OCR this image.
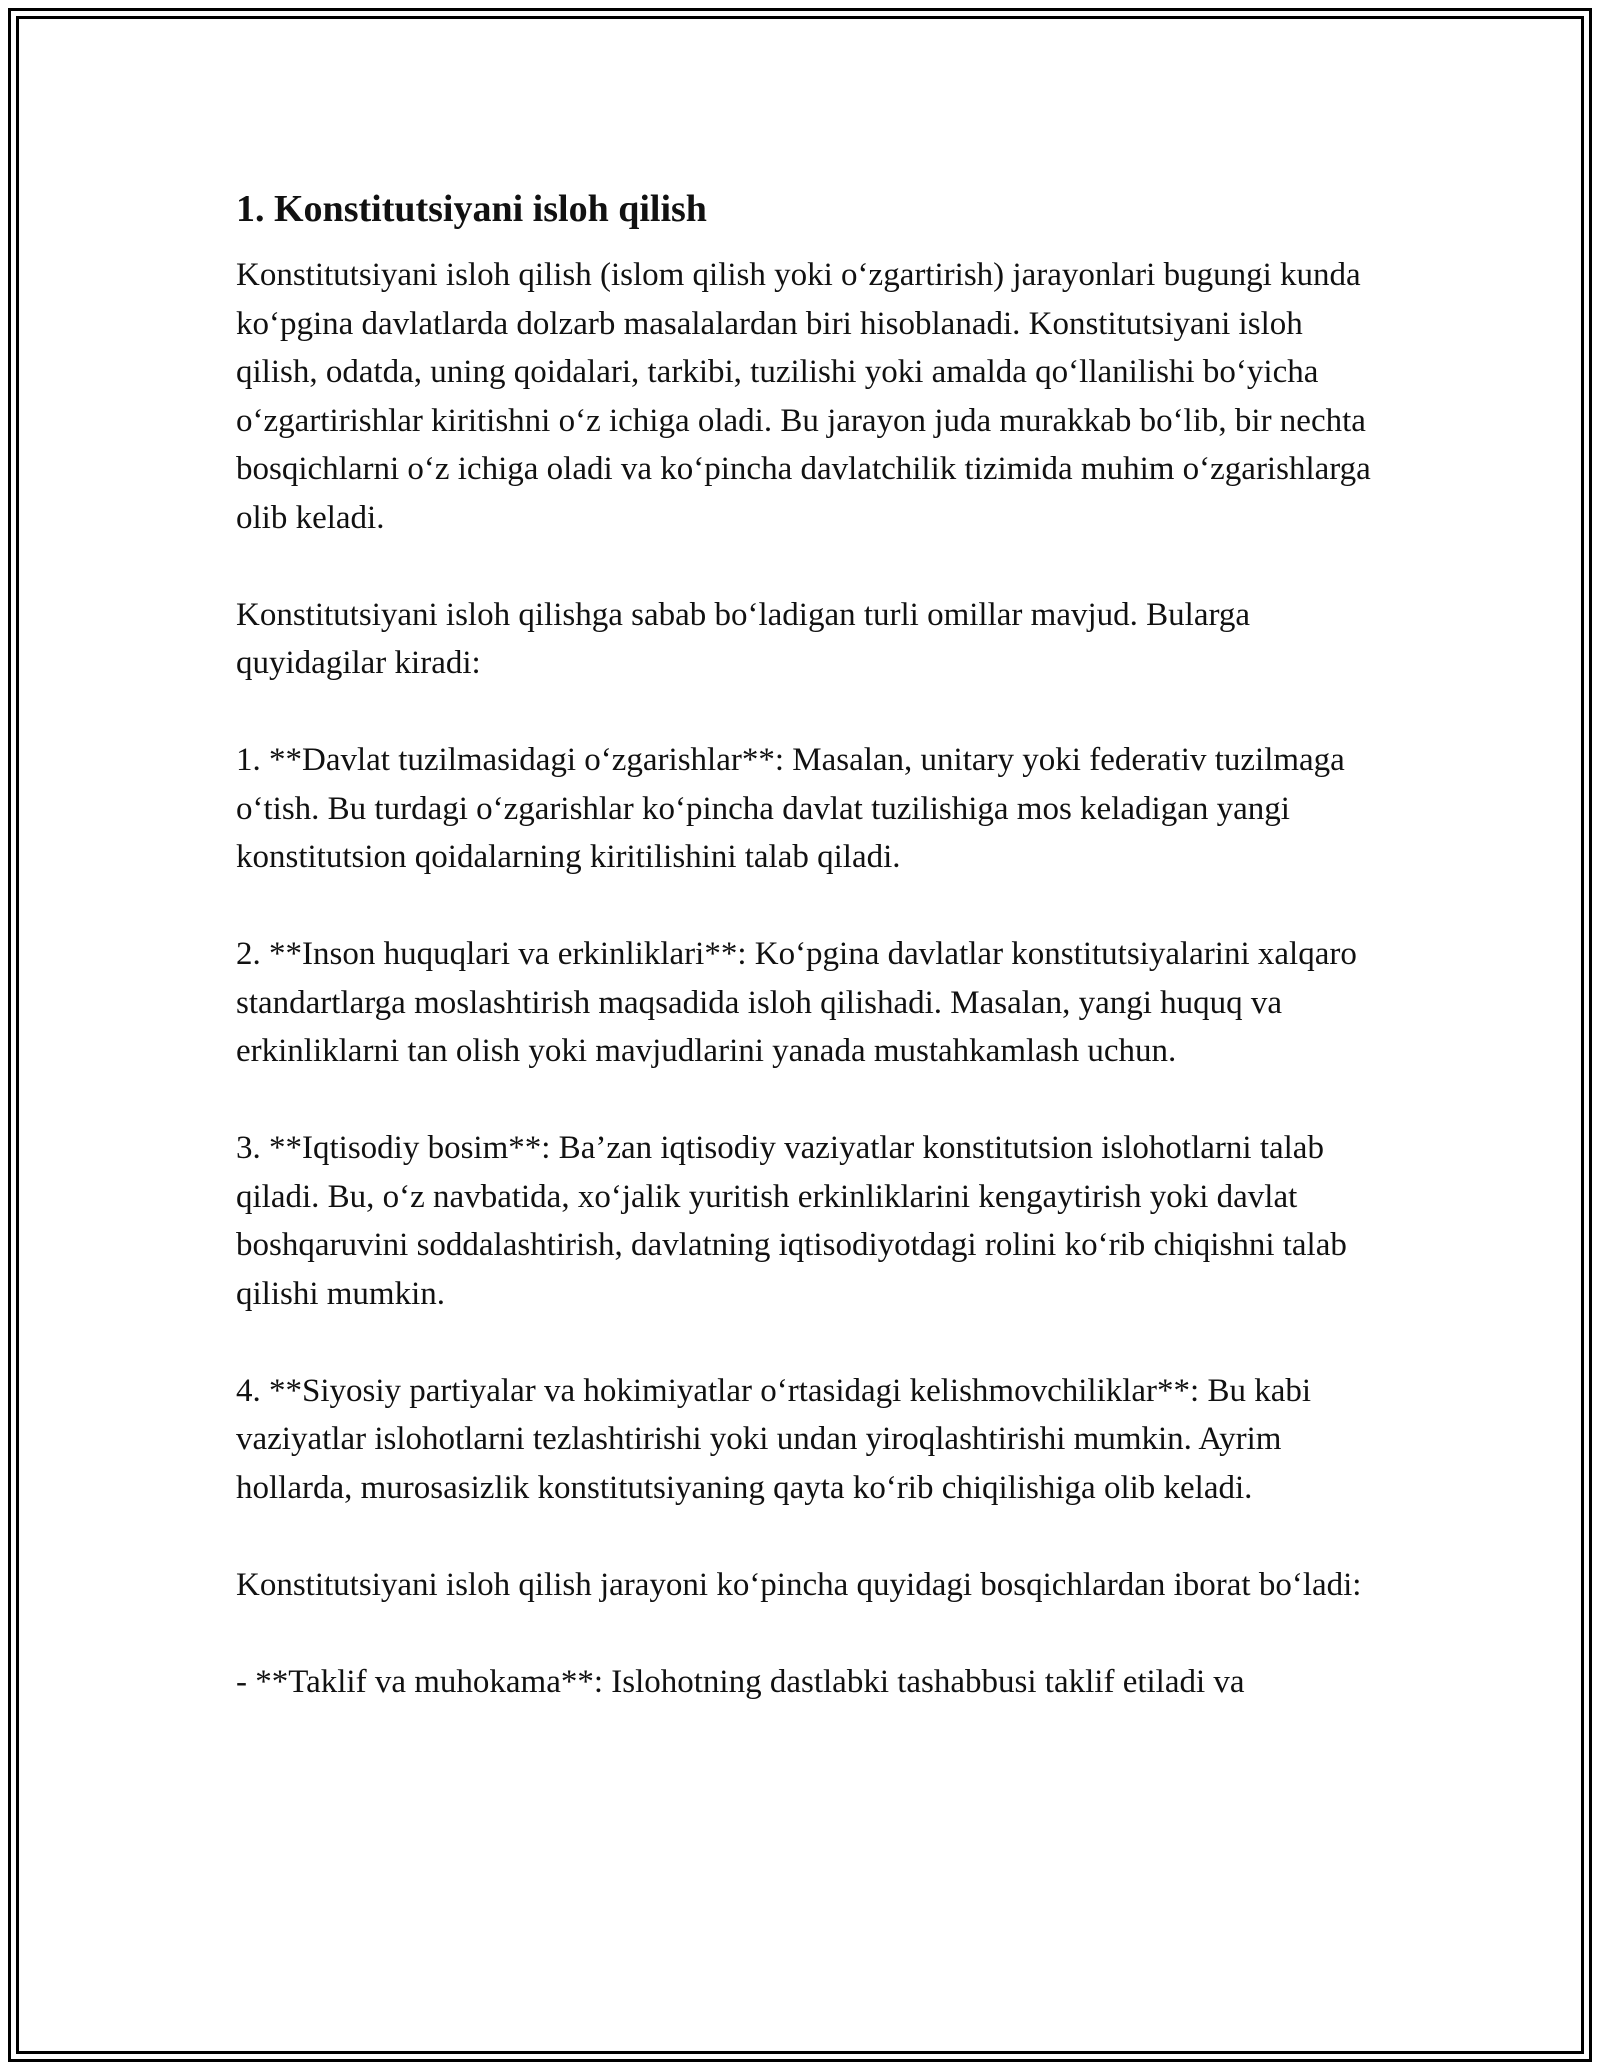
1. Konstitutsiyani isloh qilish

Konstitutsiyani isloh qilish (islom qilish yoki o‘zgartirish) jarayonlari bugungi kunda ko‘pgina davlatlarda dolzarb masalalardan biri hisoblanadi. Konstitutsiyani isloh qilish, odatda, uning qoidalari, tarkibi, tuzilishi yoki amalda qo‘llanilishi bo‘yicha o‘zgartirishlar kiritishni o‘z ichiga oladi. Bu jarayon juda murakkab bo‘lib, bir nechta bosqichlarni o‘z ichiga oladi va ko‘pincha davlatchilik tizimida muhim o‘zgarishlarga olib keladi.

Konstitutsiyani isloh qilishga sabab bo‘ladigan turli omillar mavjud. Bularga quyidagilar kiradi:

1. **Davlat tuzilmasidagi o‘zgarishlar**: Masalan, unitary yoki federativ tuzilmaga o‘tish. Bu turdagi o‘zgarishlar ko‘pincha davlat tuzilishiga mos keladigan yangi konstitutsion qoidalarning kiritilishini talab qiladi.

2. **Inson huquqlari va erkinliklari**: Ko‘pgina davlatlar konstitutsiyalarini xalqaro standartlarga moslashtirish maqsadida isloh qilishadi. Masalan, yangi huquq va erkinliklarni tan olish yoki mavjudlarini yanada mustahkamlash uchun.

3. **Iqtisodiy bosim**: Ba’zan iqtisodiy vaziyatlar konstitutsion islohotlarni talab qiladi. Bu, o‘z navbatida, xo‘jalik yuritish erkinliklarini kengaytirish yoki davlat boshqaruvini soddalashtirish, davlatning iqtisodiyotdagi rolini ko‘rib chiqishni talab qilishi mumkin.

4. **Siyosiy partiyalar va hokimiyatlar o‘rtasidagi kelishmovchiliklar**: Bu kabi vaziyatlar islohotlarni tezlashtirishi yoki undan yiroqlashtirishi mumkin. Ayrim hollarda, murosasizlik konstitutsiyaning qayta ko‘rib chiqilishiga olib keladi.

Konstitutsiyani isloh qilish jarayoni ko‘pincha quyidagi bosqichlardan iborat bo‘ladi:

- **Taklif va muhokama**: Islohotning dastlabki tashabbusi taklif etiladi va
